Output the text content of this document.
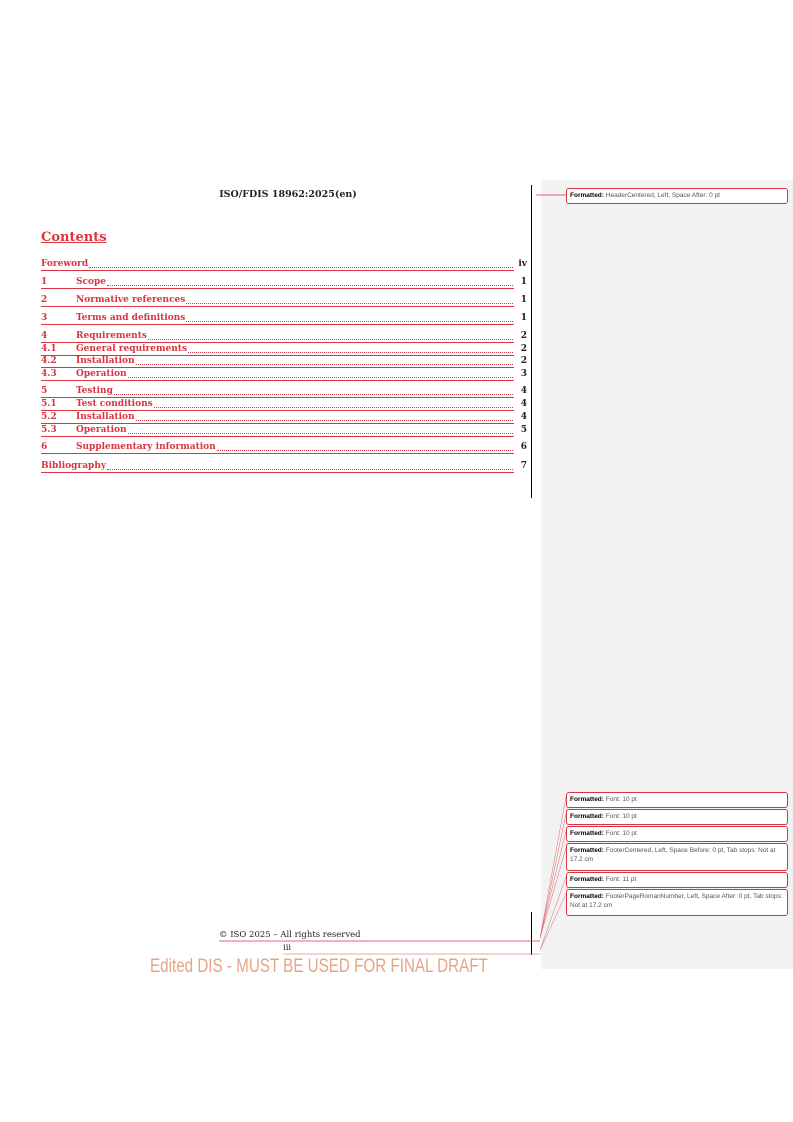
ISO/FDIS 18962:2025(en)
Contents
Foreword	iv
1	Scope	1
2	Normative references	1
3	Terms and definitions	1
4	Requirements	2
4.1	General requirements	2
4.2	Installation	2
4.3	Operation	3
5	Testing	4
5.1	Test conditions	4
5.2	Installation	4
5.3	Operation	5
6	Supplementary information	6
Bibliography	7
Formatted: HeaderCentered, Left, Space After: 0 pt
Formatted: Font: 10 pt
Formatted: Font: 10 pt
Formatted: Font: 10 pt
Formatted: FooterCentered, Left, Space Before: 0 pt, Tab stops: Not at 17.2 cm
Formatted: Font: 11 pt
Formatted: FooterPageRomanNumber, Left, Space After: 0 pt, Tab stops: Not at 17.2 cm
© ISO 2025 – All rights reserved
iii
Edited DIS - MUST BE USED FOR FINAL DRAFT
